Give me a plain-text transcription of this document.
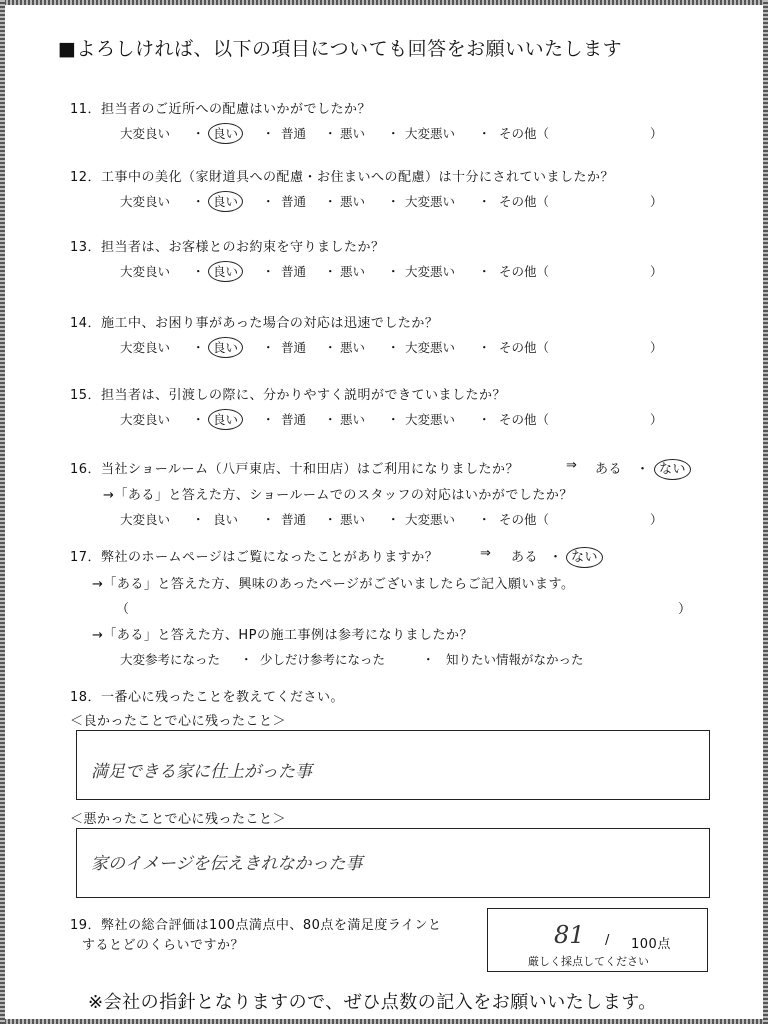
■よろしければ、以下の項目についても回答をお願いいたします
11．担当者のご近所への配慮はいかがでしたか？
大変良い	良い	普通	悪い	大変悪い	その他（	）
・	・	・	・	・
12．工事中の美化（家財道具への配慮・お住まいへの配慮）は十分にされていましたか？
大変良い	良い	普通	悪い	大変悪い	その他（	）
・	・	・	・	・
13．担当者は、お客様とのお約束を守りましたか？
大変良い	良い	普通	悪い	大変悪い	その他（	）
・	・	・	・	・
14．施工中、お困り事があった場合の対応は迅速でしたか？
大変良い	良い	普通	悪い	大変悪い	その他（	）
・	・	・	・	・
15．担当者は、引渡しの際に、分かりやすく説明ができていましたか？
大変良い	良い	普通	悪い	大変悪い	その他（	）
・	・	・	・	・
16．当社ショールーム（八戸東店、十和田店）はご利用になりましたか？	⇒ ある ・ ない
→「ある」と答えた方、ショールームでのスタッフの対応はいかがでしたか？
大変良い	良い	普通	悪い	大変悪い	その他（	）
・	・	・	・	・
17．弊社のホームページはご覧になったことがありますか？	⇒ ある ・ ない
→「ある」と答えた方、興味のあったページがございましたらご記入願います。
（	）
→「ある」と答えた方、HPの施工事例は参考になりましたか？
大変参考になった ・ 少しだけ参考になった	・ 知りたい情報がなかった
18．一番心に残ったことを教えてください。
＜良かったことで心に残ったこと＞
満足できる家に仕上がった事
＜悪かったことで心に残ったこと＞
家のイメージを伝えきれなかった事
19．弊社の総合評価は100点満点中、80点を満足度ラインと
するとどのくらいですか？	81 / 100点
厳しく採点してください
※会社の指針となりますので、ぜひ点数の記入をお願いいたします。
